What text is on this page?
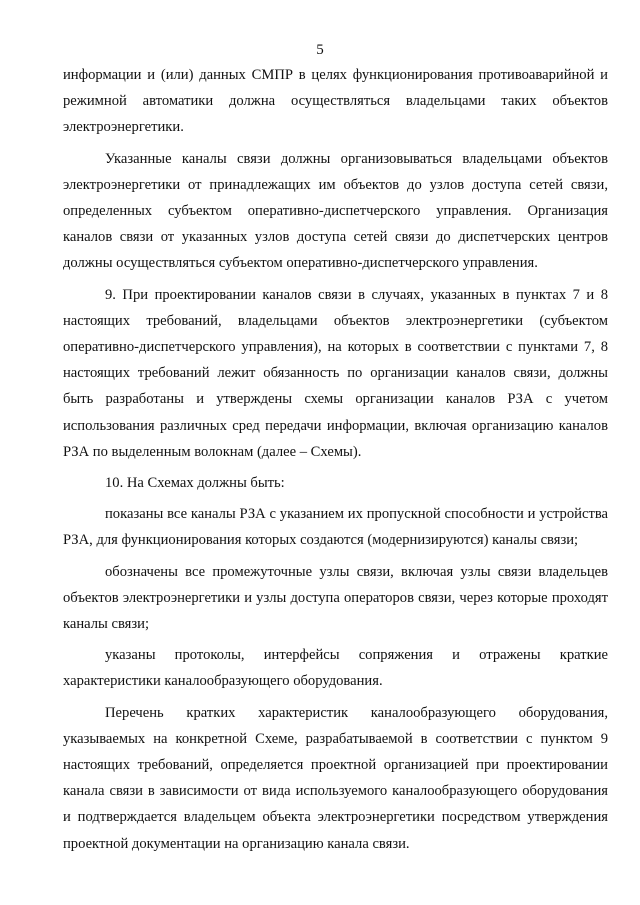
5

информации и (или) данных СМПР в целях функционирования противоаварийной и режимной автоматики должна осуществляться владельцами таких объектов электроэнергетики.

Указанные каналы связи должны организовываться владельцами объектов электроэнергетики от принадлежащих им объектов до узлов доступа сетей связи, определенных субъектом оперативно-диспетчерского управления. Организация каналов связи от указанных узлов доступа сетей связи до диспетчерских центров должны осуществляться субъектом оперативно-диспетчерского управления.

9. При проектировании каналов связи в случаях, указанных в пунктах 7 и 8 настоящих требований, владельцами объектов электроэнергетики (субъектом оперативно-диспетчерского управления), на которых в соответствии с пунктами 7, 8 настоящих требований лежит обязанность по организации каналов связи, должны быть разработаны и утверждены схемы организации каналов РЗА с учетом использования различных сред передачи информации, включая организацию каналов РЗА по выделенным волокнам (далее – Схемы).

10. На Схемах должны быть:

показаны все каналы РЗА с указанием их пропускной способности и устройства РЗА, для функционирования которых создаются (модернизируются) каналы связи;

обозначены все промежуточные узлы связи, включая узлы связи владельцев объектов электроэнергетики и узлы доступа операторов связи, через которые проходят каналы связи;

указаны протоколы, интерфейсы сопряжения и отражены краткие характеристики каналообразующего оборудования.

Перечень кратких характеристик каналообразующего оборудования, указываемых на конкретной Схеме, разрабатываемой в соответствии с пунктом 9 настоящих требований, определяется проектной организацией при проектировании канала связи в зависимости от вида используемого каналообразующего оборудования и подтверждается владельцем объекта электроэнергетики посредством утверждения проектной документации на организацию канала связи.
